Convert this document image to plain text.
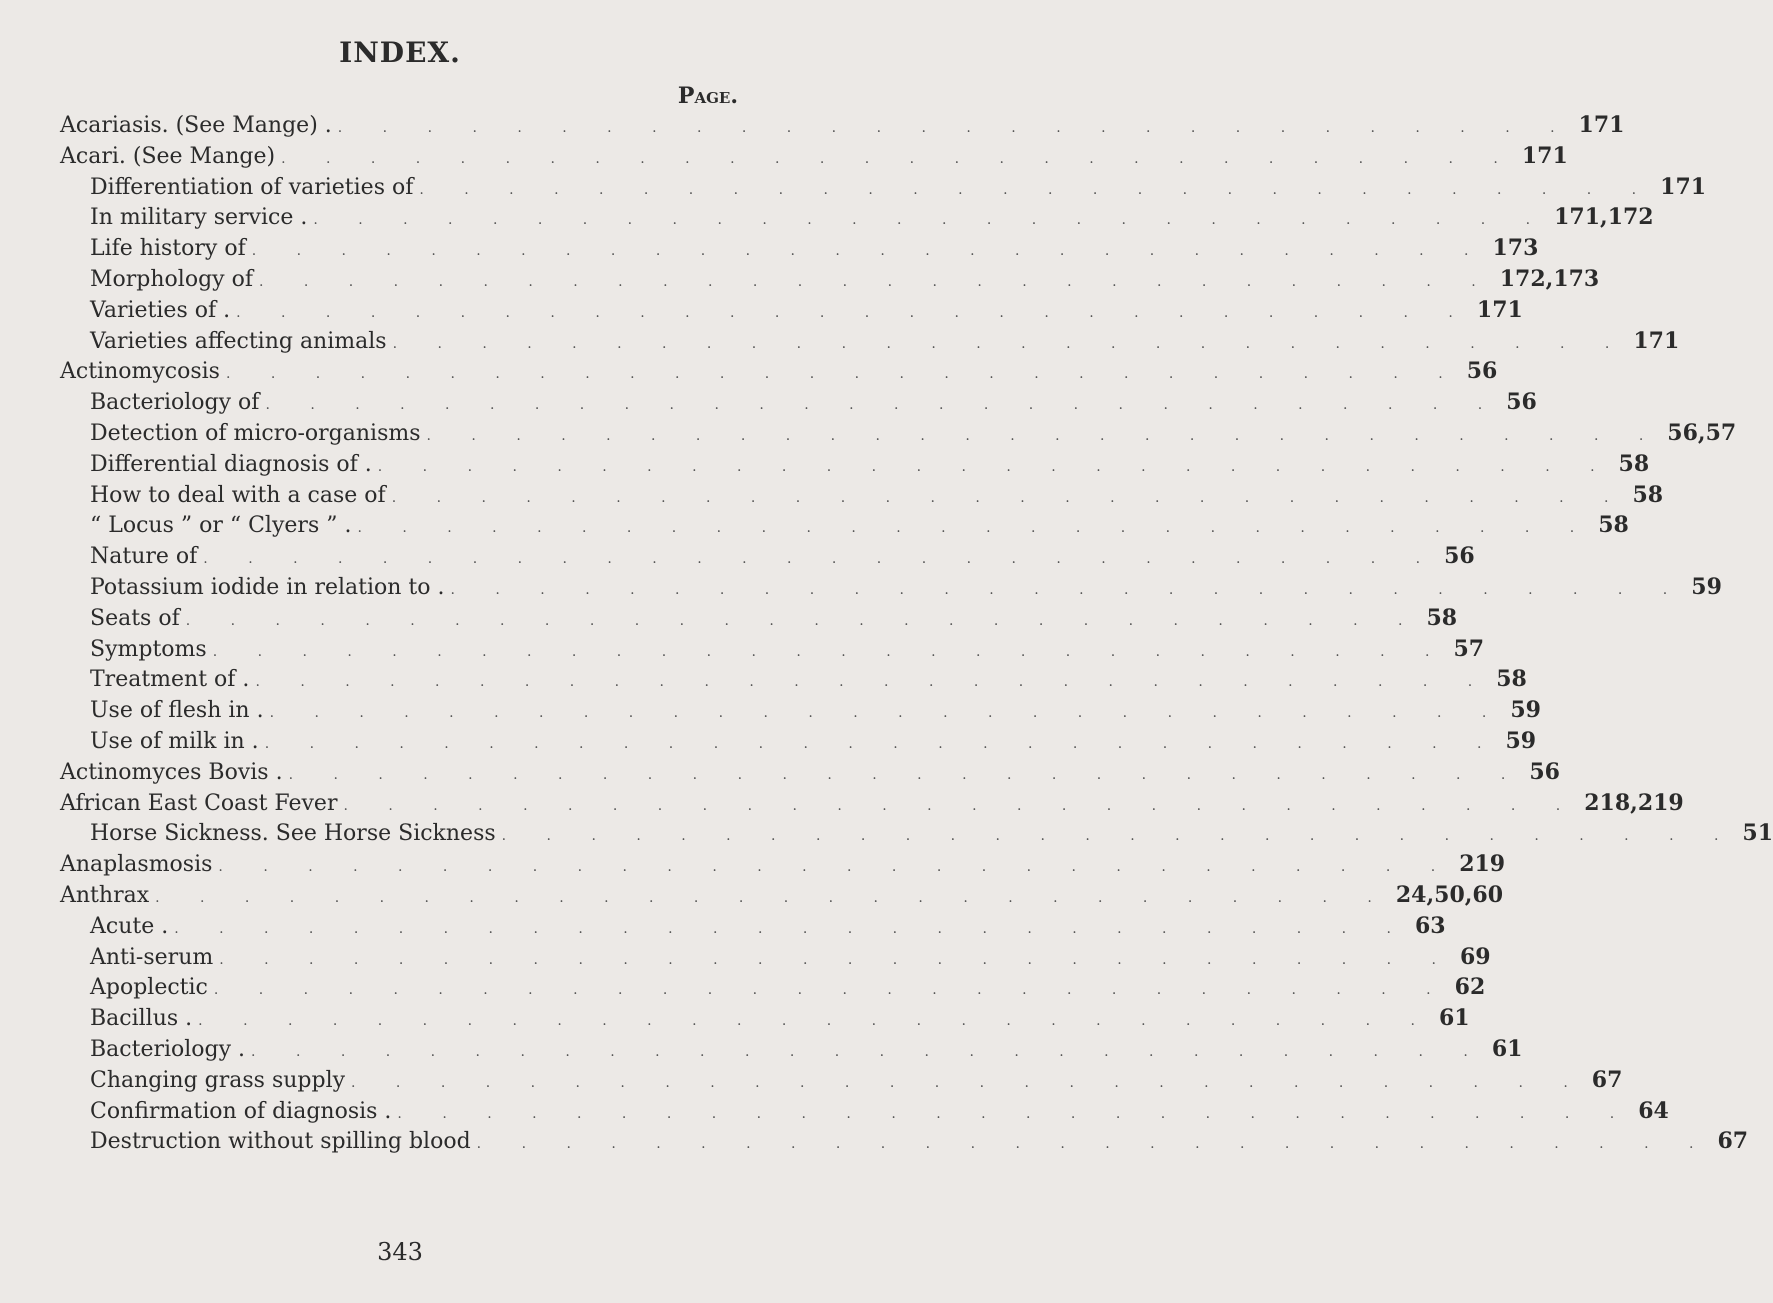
INDEX.
Page.
Acariasis. (See Mange) . . . . . . . . . . . . . . . . . . . . . . . . . . . . . 171
Acari. (See Mange) . . . . . . . . . . . . . . . . . . . . . . . . . . . . 171
Differentiation of varieties of . . . . . . . . . . . . . . . . . . . . . . . . . . . . 171
In military service . . . . . . . . . . . . . . . . . . . . . . . . . . . . . 171,172
Life history of . . . . . . . . . . . . . . . . . . . . . . . . . . . . 173
Morphology of . . . . . . . . . . . . . . . . . . . . . . . . . . . . 172,173
Varieties of . . . . . . . . . . . . . . . . . . . . . . . . . . . . . 171
Varieties affecting animals . . . . . . . . . . . . . . . . . . . . . . . . . . . . 171
Actinomycosis . . . . . . . . . . . . . . . . . . . . . . . . . . . . 56
Bacteriology of . . . . . . . . . . . . . . . . . . . . . . . . . . . . 56
Detection of micro-organisms . . . . . . . . . . . . . . . . . . . . . . . . . . . . 56,57
Differential diagnosis of . . . . . . . . . . . . . . . . . . . . . . . . . . . . . 58
How to deal with a case of . . . . . . . . . . . . . . . . . . . . . . . . . . . . 58
“ Locus ” or “ Clyers ” . . . . . . . . . . . . . . . . . . . . . . . . . . . . . 58
Nature of . . . . . . . . . . . . . . . . . . . . . . . . . . . . 56
Potassium iodide in relation to . . . . . . . . . . . . . . . . . . . . . . . . . . . . . 59
Seats of . . . . . . . . . . . . . . . . . . . . . . . . . . . . 58
Symptoms . . . . . . . . . . . . . . . . . . . . . . . . . . . . 57
Treatment of . . . . . . . . . . . . . . . . . . . . . . . . . . . . . 58
Use of flesh in . . . . . . . . . . . . . . . . . . . . . . . . . . . . . 59
Use of milk in . . . . . . . . . . . . . . . . . . . . . . . . . . . . . 59
Actinomyces Bovis . . . . . . . . . . . . . . . . . . . . . . . . . . . . . 56
African East Coast Fever . . . . . . . . . . . . . . . . . . . . . . . . . . . . 218,219
Horse Sickness. See Horse Sickness . . . . . . . . . . . . . . . . . . . . . . . . . . . . 51
Anaplasmosis . . . . . . . . . . . . . . . . . . . . . . . . . . . . 219
Anthrax . . . . . . . . . . . . . . . . . . . . . . . . . . . . 24,50,60
Acute . . . . . . . . . . . . . . . . . . . . . . . . . . . . . 63
Anti-serum . . . . . . . . . . . . . . . . . . . . . . . . . . . . 69
Apoplectic . . . . . . . . . . . . . . . . . . . . . . . . . . . . 62
Bacillus . . . . . . . . . . . . . . . . . . . . . . . . . . . . . 61
Bacteriology . . . . . . . . . . . . . . . . . . . . . . . . . . . . . 61
Changing grass supply . . . . . . . . . . . . . . . . . . . . . . . . . . . . 67
Confirmation of diagnosis . . . . . . . . . . . . . . . . . . . . . . . . . . . . . 64
Destruction without spilling blood . . . . . . . . . . . . . . . . . . . . . . . . . . . . 67
343
